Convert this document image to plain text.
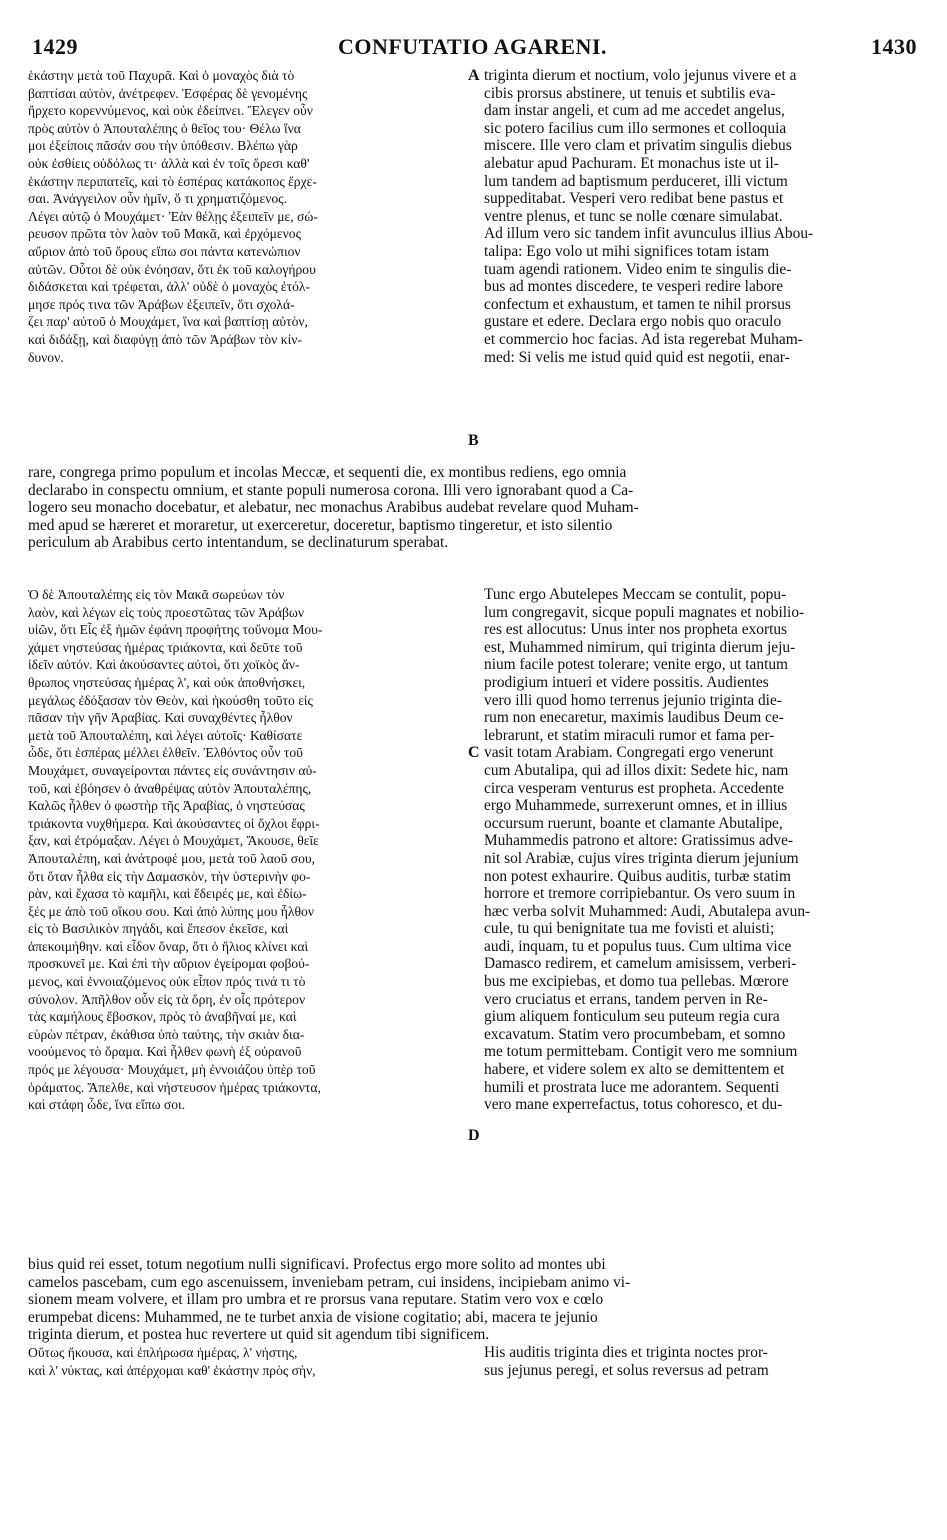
1429	CONFUTATIO AGARENI.	1430
ἑκάστην μετὰ τοῦ Παχυρᾶ. Καὶ ὁ μοναχὸς διὰ τὸ
βαπτίσαι αὐτὸν, ἀνέτρεφεν. Ἐσφέρας δὲ γενομένης
ἤρχετο κορεννύμενος, καὶ οὐκ ἐδείπνει. Ἔλεγεν οὖν
πρὸς αὐτὸν ὁ Ἀπουταλέπης ὁ θεῖος του· Θέλω ἵνα
μοι ἐξείποις πᾶσάν σου τὴν ὑπόθεσιν. Βλέπω γὰρ
οὐκ ἐσθίεις οὐδόλως τι· ἀλλὰ καὶ ἐν τοῖς ὄρεσι καθ'
ἑκάστην περιπατεῖς, καὶ τὸ ἑσπέρας κατάκοπος ἔρχε-
σαι. Ἀνάγγειλον οὖν ἡμῖν, ὅ τι χρηματιζόμενος.
Λέγει αὐτῷ ὁ Μουχάμετ· Ἐὰν θέλῃς ἐξειπεῖν με, σώ-
ρευσον πρῶτα τὸν λαὸν τοῦ Μακᾶ, καὶ ἐρχόμενος
αὔριον ἀπὸ τοῦ ὄρους εἴπω σοι πάντα κατενώπιον
αὐτῶν. Οὗτοι δὲ οὐκ ἐνόησαν, ὅτι ἐκ τοῦ καλογήρου
διδάσκεται καὶ τρέφεται, ἀλλ' οὐδὲ ὁ μοναχὸς ἐτόλ-
μησε πρός τινα τῶν Ἀράβων ἐξειπεῖν, ὅτι σχολά-
ζει παρ' αὐτοῦ ὁ Μουχάμετ, ἵνα καὶ βαπτίσῃ αὐτὸν,
καὶ διδάξῃ, καὶ διαφύγῃ ἀπὸ τῶν Ἀράβων τὸν κίν-
δυνον.
triginta dierum et noctium, volo jejunus vivere et a
cibis prorsus abstinere, ut tenuis et subtilis eva-
dam instar angeli, et cum ad me accedet angelus,
sic potero facilius cum illo sermones et colloquia
miscere. Ille vero clam et privatim singulis diebus
alebatur apud Pachuram. Et monachus iste ut il-
lum tandem ad baptismum perduceret, illi victum
suppeditabat. Vesperi vero redibat bene pastus et
ventre plenus, et tunc se nolle cœnare simulabat.
Ad illum vero sic tandem infit avunculus illius Abou-
talipa: Ego volo ut mihi significes totam istam
tuam agendi rationem. Video enim te singulis die-
bus ad montes discedere, te vesperi redire labore
confectum et exhaustum, et tamen te nihil prorsus
gustare et edere. Declara ergo nobis quo oraculo
et commercio hoc facias. Ad ista regerebat Muham-
med: Si velis me istud quid quid est negotii, enar-
A
B
rare, congrega primo populum et incolas Meccæ, et sequenti die, ex montibus rediens, ego omnia
declarabo in conspectu omnium, et stante populi numerosa corona. Illi vero ignorabant quod a Ca-
logero seu monacho docebatur, et alebatur, nec monachus Arabibus audebat revelare quod Muham-
med apud se hæreret et moraretur, ut exerceretur, doceretur, baptismo tingeretur, et isto silentio
periculum ab Arabibus certo intentandum, se declinaturum sperabat.
Ὁ δὲ Ἀπουταλέπης εἰς τὸν Μακᾶ σωρεύων τὸν
λαὸν, καὶ λέγων εἰς τοὺς προεστῶτας τῶν Ἀράβων
υἱῶν, ὅτι Εἷς ἐξ ἡμῶν ἐφάνη προφήτης τοὔνομα Μου-
χάμετ νηστεύσας ἡμέρας τριάκοντα, καὶ δεῦτε τοῦ
ἰδεῖν αὐτόν. Καὶ ἀκούσαντες αὐτοὶ, ὅτι χοϊκὸς ἄν-
θρωπος νηστεύσας ἡμέρας λ', καὶ οὐκ ἀποθνήσκει,
μεγάλως ἐδόξασαν τὸν Θεὸν, καὶ ἠκούσθη τοῦτο εἰς
πᾶσαν τὴν γῆν Ἀραβίας. Καὶ συναχθέντες ἦλθον
μετὰ τοῦ Ἀπουταλέπη, καὶ λέγει αὐτοῖς· Καθίσατε
ὧδε, ὅτι ἑσπέρας μέλλει ἐλθεῖν. Ἐλθόντος οὖν τοῦ
Μουχάμετ, συναγείρονται πάντες εἰς συνάντησιν αὐ-
τοῦ, καὶ ἐβόησεν ὁ ἀναθρέψας αὐτὸν Ἀπουταλέπης,
Καλῶς ἦλθεν ὁ φωστὴρ τῆς Ἀραβίας, ὁ νηστεύσας
τριάκοντα νυχθήμερα. Καὶ ἀκούσαντες οἱ ὄχλοι ἔφρι-
ξαν, καὶ ἐτρόμαξαν. Λέγει ὁ Μουχάμετ, Ἄκουσε, θεῖε
Ἀπουταλέπη, καὶ ἀνάτροφέ μου, μετὰ τοῦ λαοῦ σου,
ὅτι ὅταν ἦλθα εἰς τὴν Δαμασκὸν, τὴν ὑστερινὴν φο-
ρὰν, καὶ ἔχασα τὸ καμῆλι, καὶ ἔδειρές με, καὶ ἐδίω-
ξές με ἀπὸ τοῦ οἴκου σου. Καὶ ἀπὸ λύπης μου ἦλθον
εἰς τὸ Βασιλικὸν πηγάδι, καὶ ἔπεσον ἐκεῖσε, καὶ
ἀπεκοιμήθην. καὶ εἶδον ὄναρ, ὅτι ὁ ἥλιος κλίνει καὶ
προσκυνεῖ με. Καὶ ἐπὶ τὴν αὔριον ἐγείρομαι φοβού-
μενος, καὶ ἐννοιαζόμενος οὐκ εἶπον πρός τινά τι τὸ
σύνολον. Ἀπῆλθον οὖν εἰς τὰ ὄρη, ἐν οἷς πρότερον
τὰς καμήλους ἔβοσκον, πρὸς τὸ ἀναβῆναί με, καὶ
εὑρὼν πέτραν, ἐκάθισα ὑπὸ ταύτης, τὴν σκιὰν δια-
νοούμενος τὸ ὅραμα. Καὶ ἦλθεν φωνὴ ἐξ οὐρανοῦ
πρός με λέγουσα· Μουχάμετ, μὴ ἐννοιάζου ὑπὲρ τοῦ
ὁράματος. Ἄπελθε, καὶ νήστευσον ἡμέρας τριάκοντα,
καὶ στάφη ὧδε, ἵνα εἴπω σοι.
Tunc ergo Abutelepes Meccam se contulit, popu-
lum congregavit, sicque populi magnates et nobilio-
res est allocutus: Unus inter nos propheta exortus
est, Muhammed nimirum, qui triginta dierum jeju-
nium facile potest tolerare; venite ergo, ut tantum
prodigium intueri et videre possitis. Audientes
vero illi quod homo terrenus jejunio triginta die-
rum non enecaretur, maximis laudibus Deum ce-
lebrarunt, et statim miraculi rumor et fama per-
vasit totam Arabiam. Congregati ergo venerunt
cum Abutalipa, qui ad illos dixit: Sedete hic, nam
circa vesperam venturus est propheta. Accedente
ergo Muhammede, surrexerunt omnes, et in illius
occursum ruerunt, boante et clamante Abutalipe,
Muhammedis patrono et altore: Gratissimus adve-
nit sol Arabiæ, cujus vires triginta dierum jejunium
non potest exhaurire. Quibus auditis, turbæ statim
horrore et tremore corripiebantur. Os vero suum in
hæc verba solvit Muhammed: Audi, Abutalepa avun-
cule, tu qui benignitate tua me fovisti et aluisti;
audi, inquam, tu et populus tuus. Cum ultima vice
Damasco redirem, et camelum amisissem, verberi-
bus me excipiebas, et domo tua pellebas. Mœrore
vero cruciatus et errans, tandem perven in Re-
gium aliquem fonticulum seu puteum regia cura
excavatum. Statim vero procumbebam, et somno
me totum permittebam. Contigit vero me somnium
habere, et videre solem ex alto se demittentem et
humili et prostrata luce me adorantem. Sequenti
vero mane experrefactus, totus cohoresco, et du-
C
D
bius quid rei esset, totum negotium nulli significavi. Profectus ergo more solito ad montes ubi
camelos pascebam, cum ego ascenuissem, inveniebam petram, cui insidens, incipiebam animo vi-
sionem meam volvere, et illam pro umbra et re prorsus vana reputare. Statim vero vox e cœlo
erumpebat dicens: Muhammed, ne te turbet anxia de visione cogitatio; abi, macera te jejunio
triginta dierum, et postea huc revertere ut quid sit agendum tibi significem.
Οὕτως ἤκουσα, καὶ ἐπλήρωσα ἡμέρας, λ' νήστης,
καὶ λ' νύκτας, καὶ ἀπέρχομαι καθ' ἑκάστην πρὸς σὴν,
His auditis triginta dies et triginta noctes pror-
sus jejunus peregi, et solus reversus ad petram
